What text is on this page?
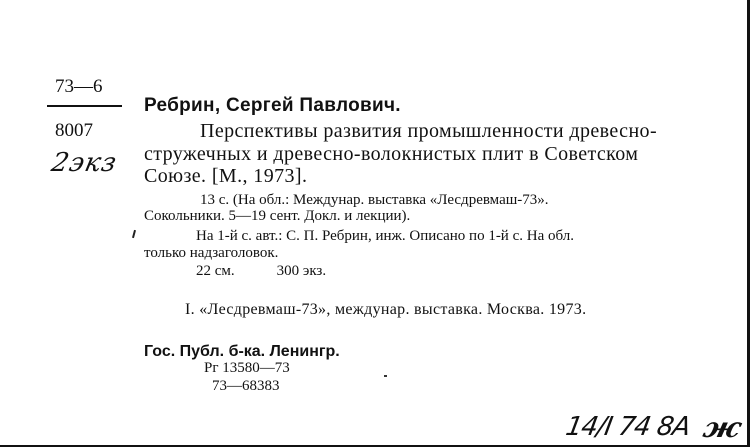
73—6
8007
2экз
Ребрин, Сергей Павлович.
Перспективы развития промышленности древесно-
стружечных и древесно-волокнистых плит в Советском
Союзе. [М., 1973].
13 с. (На обл.: Междунар. выставка «Лесдревмаш-73».
Сокольники. 5—19 сент. Докл. и лекции).
На 1-й с. авт.: С. П. Ребрин, инж. Описано по 1-й с. На обл.
только надзаголовок.
22 см.	300 экз.
I. «Лесдревмаш-73», междунар. выставка. Москва. 1973.
Гос. Публ. б-ка. Ленингр.
Рг 13580—73
73—68383
14/I 74 8А ж
